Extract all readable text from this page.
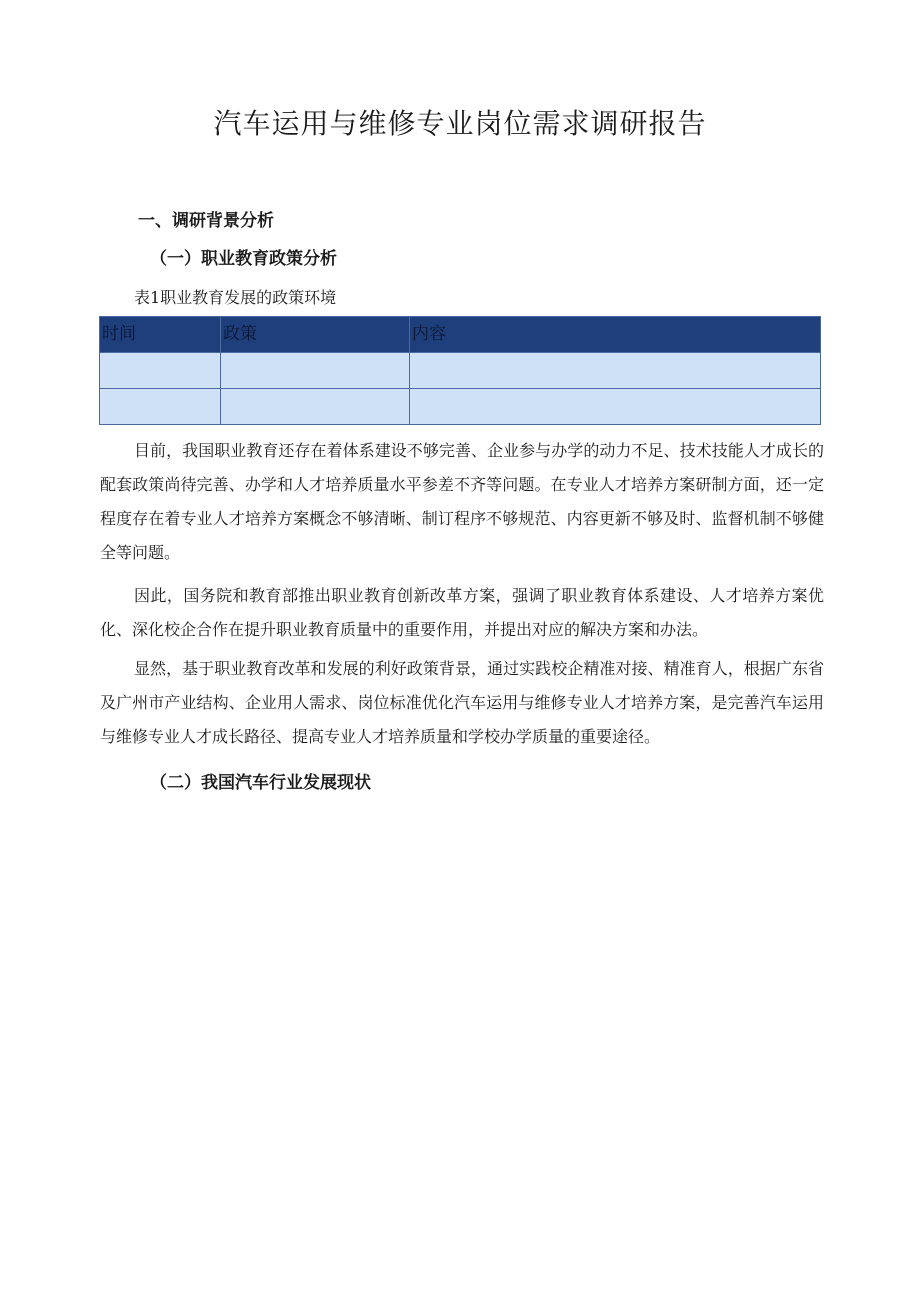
汽车运用与维修专业岗位需求调研报告
一、调研背景分析
（一）职业教育政策分析

表1职业教育发展的政策环境

时间	政策	内容

目前，我国职业教育还存在着体系建设不够完善、企业参与办学的动力不足、技术技能人才成长的配套政策尚待完善、办学和人才培养质量水平参差不齐等问题。在专业人才培养方案研制方面，还一定程度存在着专业人才培养方案概念不够清晰、制订程序不够规范、内容更新不够及时、监督机制不够健全等问题。

因此，国务院和教育部推出职业教育创新改革方案，强调了职业教育体系建设、人才培养方案优化、深化校企合作在提升职业教育质量中的重要作用，并提出对应的解决方案和办法。

显然，基于职业教育改革和发展的利好政策背景，通过实践校企精准对接、精准育人，根据广东省及广州市产业结构、企业用人需求、岗位标准优化汽车运用与维修专业人才培养方案，是完善汽车运用与维修专业人才成长路径、提高专业人才培养质量和学校办学质量的重要途径。

（二）我国汽车行业发展现状
